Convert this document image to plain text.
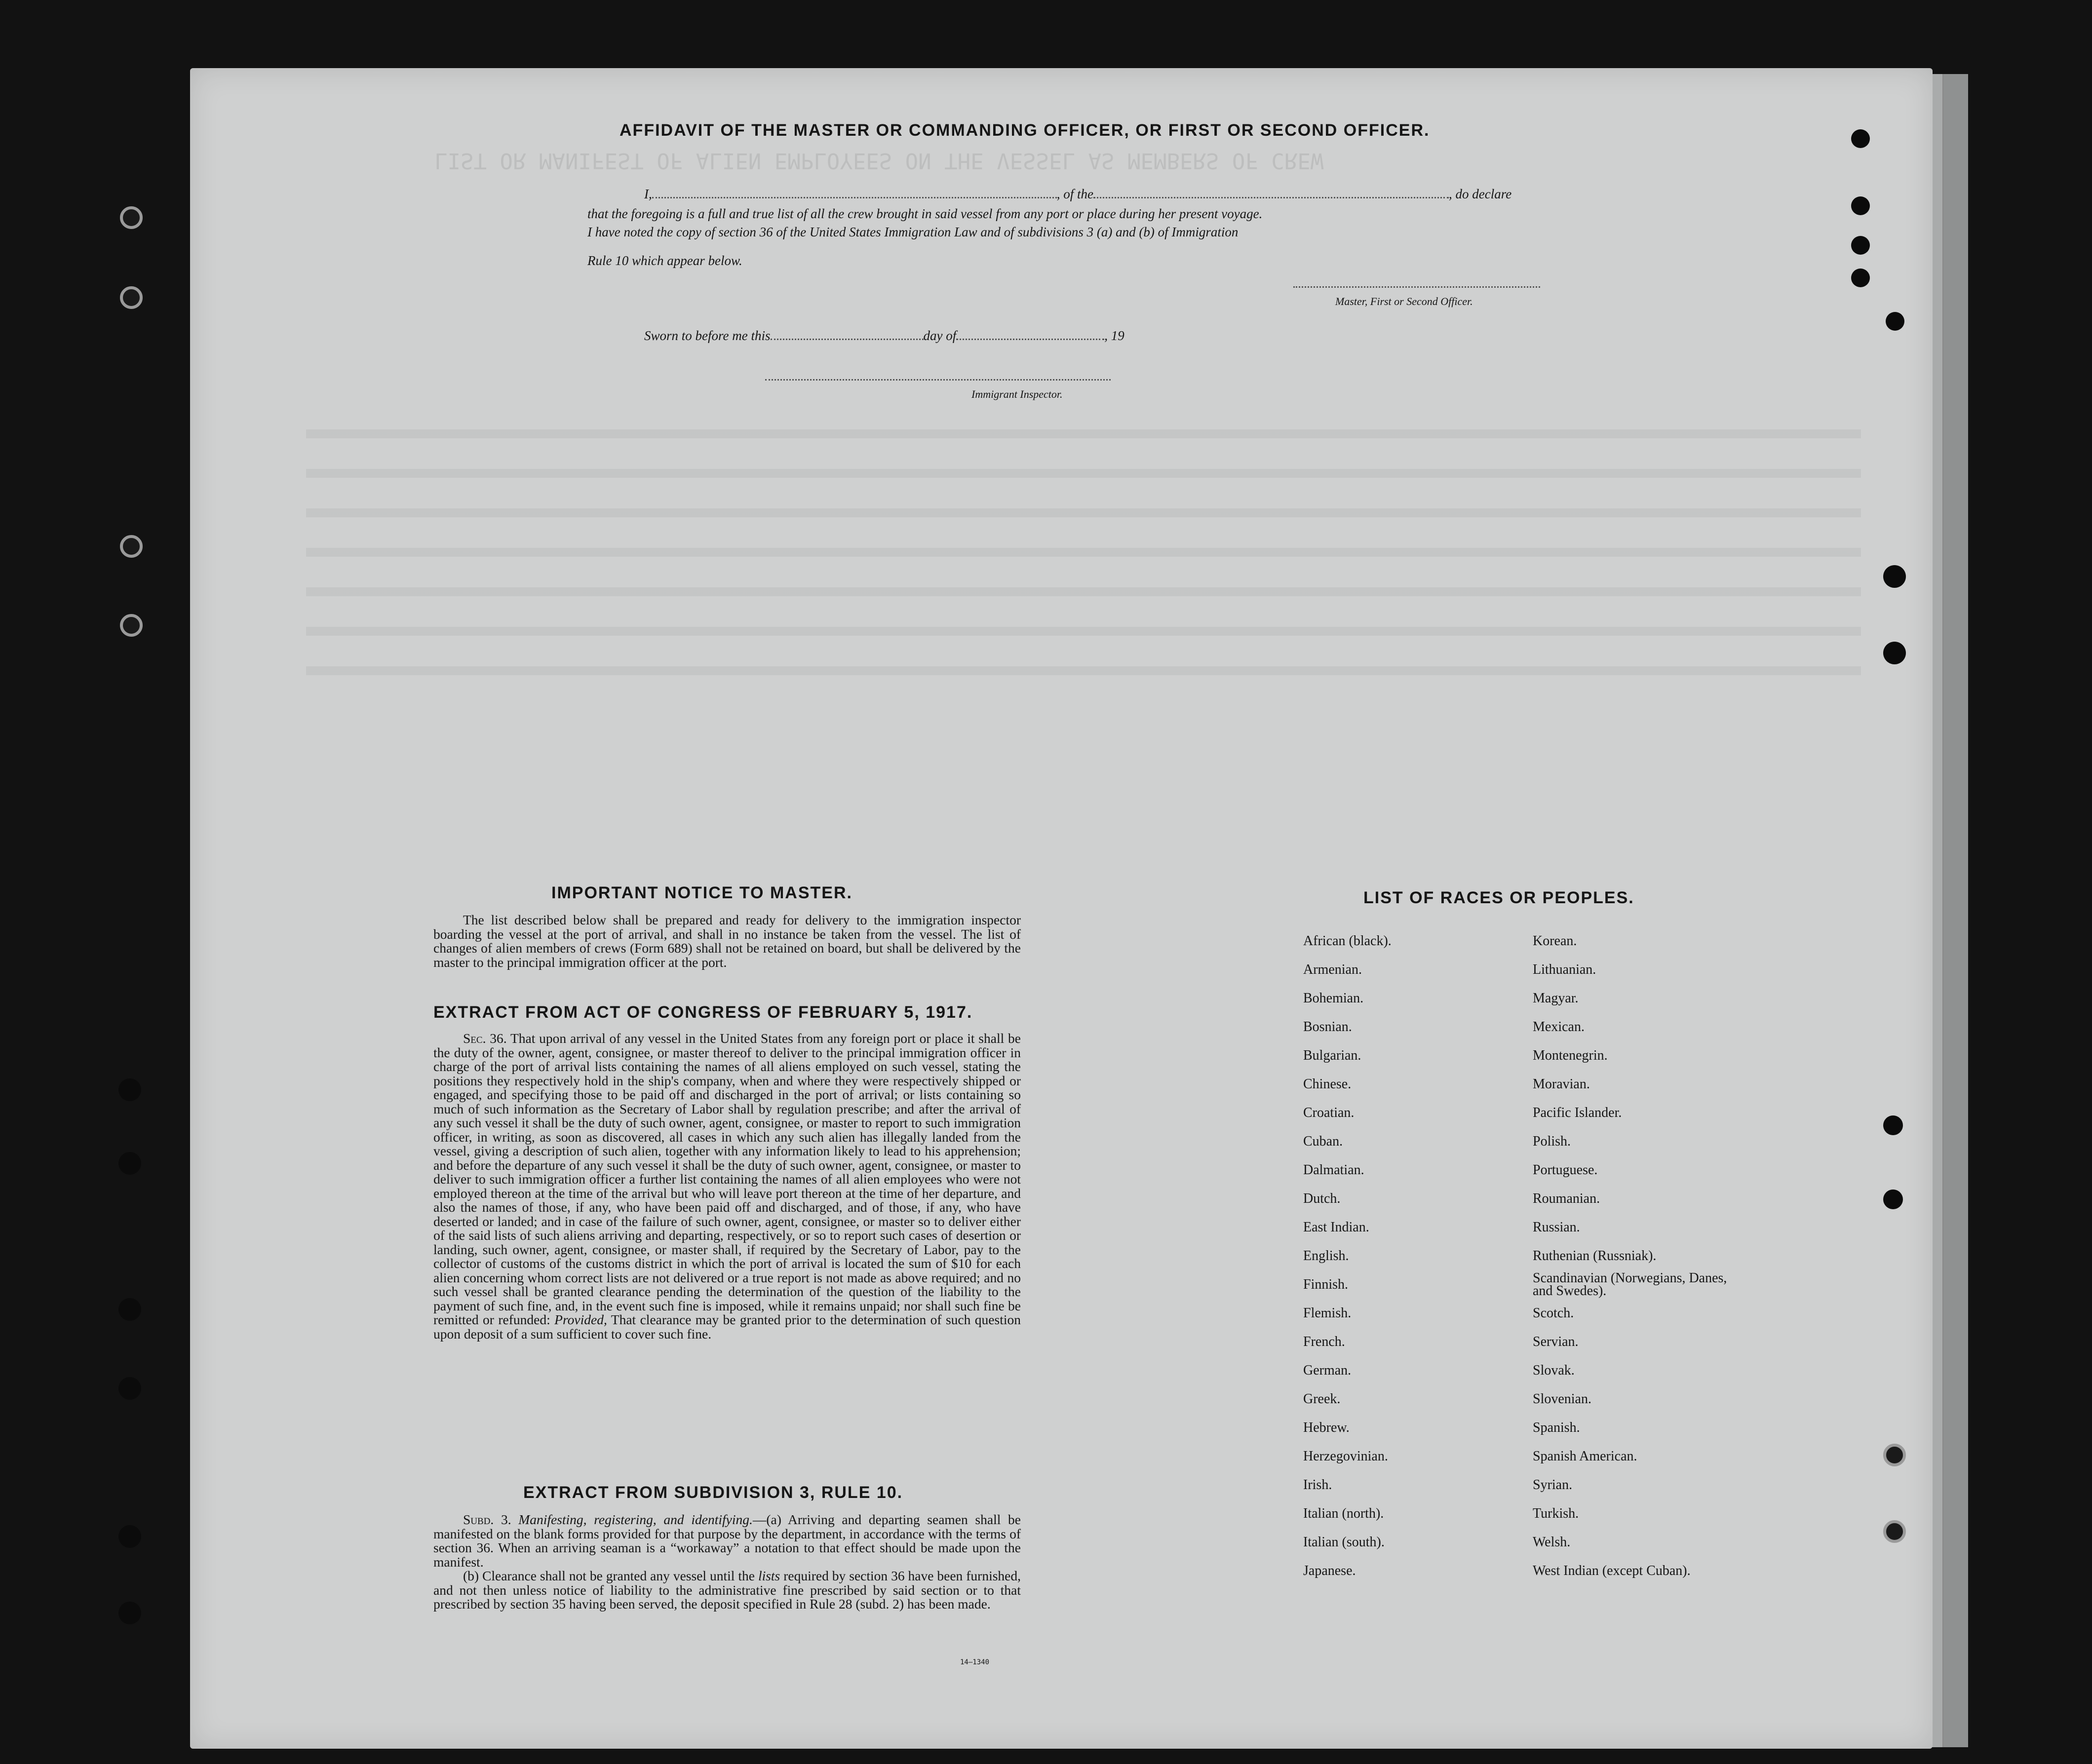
LIST OR MANIFEST OF ALIEN EMPLOYEES ON THE VESSEL AS MEMBERS OF CREW
AFFIDAVIT OF THE MASTER OR COMMANDING OFFICER, OR FIRST OR SECOND OFFICER.
I,	, of the	, do declare
that the foregoing is a full and true list of all the crew brought in said vessel from any port or place during her present voyage.
I have noted the copy of section 36 of the United States Immigration Law and of subdivisions 3 (a) and (b) of Immigration
Rule 10 which appear below.
Master, First or Second Officer.
Sworn to before me this	day of	, 19
Immigrant Inspector.
IMPORTANT NOTICE TO MASTER.

The list described below shall be prepared and ready for delivery to the immigration inspector boarding the vessel at the port of arrival, and shall in no instance be taken from the vessel. The list of changes of alien members of crews (Form 689) shall not be retained on board, but shall be delivered by the master to the principal immigration officer at the port.

EXTRACT FROM ACT OF CONGRESS OF FEBRUARY 5, 1917.

Sec. 36. That upon arrival of any vessel in the United States from any foreign port or place it shall be the duty of the owner, agent, consignee, or master thereof to deliver to the principal immigration officer in charge of the port of arrival lists containing the names of all aliens employed on such vessel, stating the positions they respectively hold in the ship's company, when and where they were respectively shipped or engaged, and specifying those to be paid off and discharged in the port of arrival; or lists containing so much of such information as the Secretary of Labor shall by regulation prescribe; and after the arrival of any such vessel it shall be the duty of such owner, agent, consignee, or master to report to such immigration officer, in writing, as soon as discovered, all cases in which any such alien has illegally landed from the vessel, giving a description of such alien, together with any information likely to lead to his apprehension; and before the departure of any such vessel it shall be the duty of such owner, agent, consignee, or master to deliver to such immigration officer a further list containing the names of all alien employees who were not employed thereon at the time of the arrival but who will leave port thereon at the time of her departure, and also the names of those, if any, who have been paid off and discharged, and of those, if any, who have deserted or landed; and in case of the failure of such owner, agent, consignee, or master so to deliver either of the said lists of such aliens arriving and departing, respectively, or so to report such cases of desertion or landing, such owner, agent, consignee, or master shall, if required by the Secretary of Labor, pay to the collector of customs of the customs district in which the port of arrival is located the sum of $10 for each alien concerning whom correct lists are not delivered or a true report is not made as above required; and no such vessel shall be granted clearance pending the determination of the question of the liability to the payment of such fine, and, in the event such fine is imposed, while it remains unpaid; nor shall such fine be remitted or refunded: Provided, That clearance may be granted prior to the determination of such question upon deposit of a sum sufficient to cover such fine.

EXTRACT FROM SUBDIVISION 3, RULE 10.

Subd. 3. Manifesting, registering, and identifying.—(a) Arriving and departing seamen shall be manifested on the blank forms provided for that purpose by the department, in accordance with the terms of section 36. When an arriving seaman is a “workaway” a notation to that effect should be made upon the manifest.

(b) Clearance shall not be granted any vessel until the lists required by section 36 have been furnished, and not then unless notice of liability to the administrative fine prescribed by said section or to that prescribed by section 35 having been served, the deposit specified in Rule 28 (subd. 2) has been made.

14—1340
LIST OF RACES OR PEOPLES.
African (black).
Armenian.
Bohemian.
Bosnian.
Bulgarian.
Chinese.
Croatian.
Cuban.
Dalmatian.
Dutch.
East Indian.
English.
Finnish.
Flemish.
French.
German.
Greek.
Hebrew.
Herzegovinian.
Irish.
Italian (north).
Italian (south).
Japanese.
Korean.
Lithuanian.
Magyar.
Mexican.
Montenegrin.
Moravian.
Pacific Islander.
Polish.
Portuguese.
Roumanian.
Russian.
Ruthenian (Russniak).
Scandinavian (Norwegians, Danes, and Swedes).
Scotch.
Servian.
Slovak.
Slovenian.
Spanish.
Spanish American.
Syrian.
Turkish.
Welsh.
West Indian (except Cuban).
